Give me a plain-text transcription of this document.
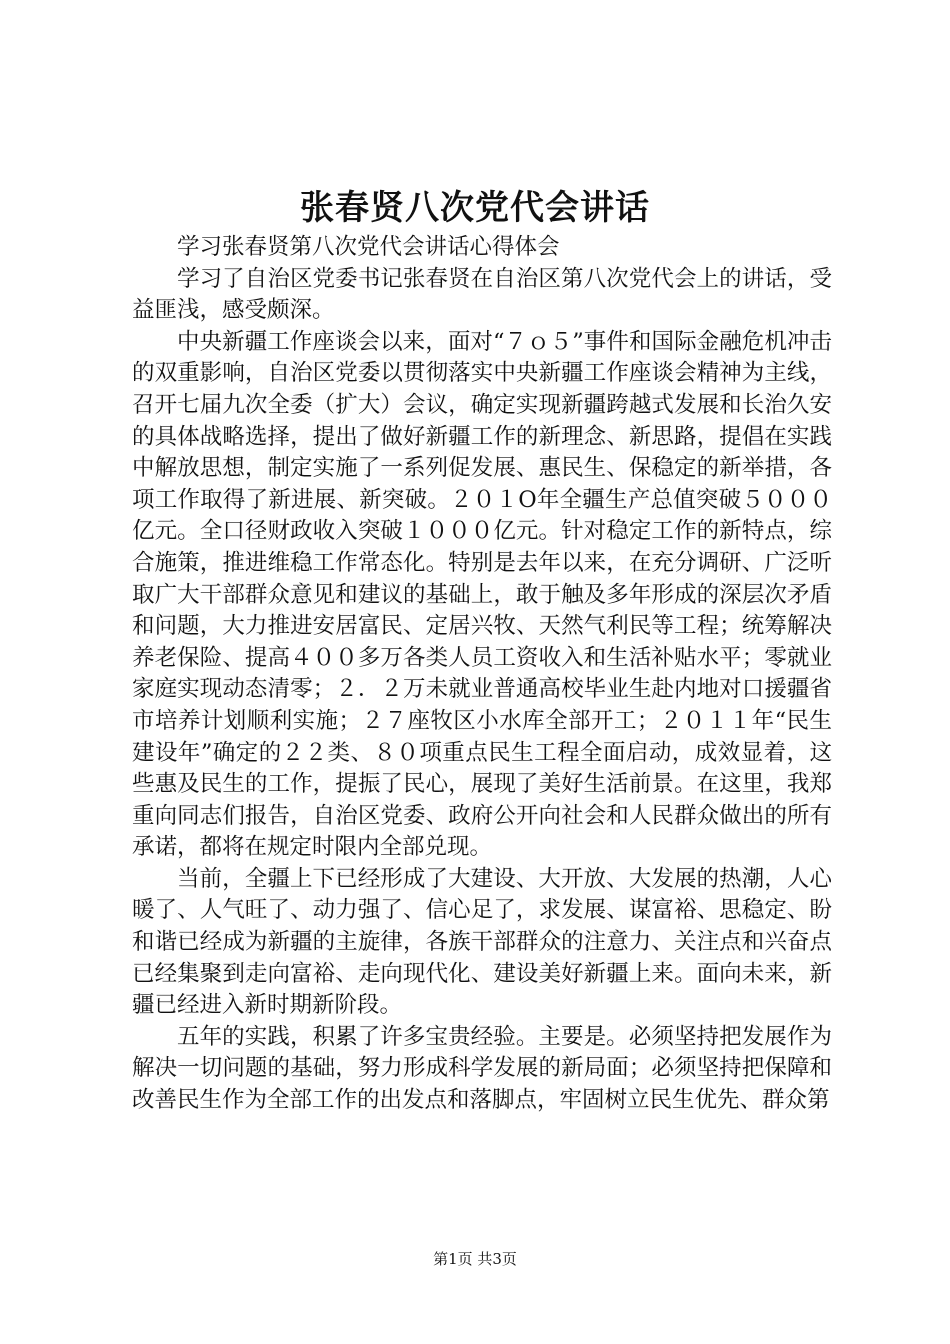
张春贤八次党代会讲话

学习张春贤第八次党代会讲话心得体会

学习了自治区党委书记张春贤在自治区第八次党代会上的讲话，受益匪浅，感受颇深。

中央新疆工作座谈会以来，面对“７ｏ５”事件和国际金融危机冲击的双重影响，自治区党委以贯彻落实中央新疆工作座谈会精神为主线，召开七届九次全委（扩大）会议，确定实现新疆跨越式发展和长治久安的具体战略选择，提出了做好新疆工作的新理念、新思路，提倡在实践中解放思想，制定实施了一系列促发展、惠民生、保稳定的新举措，各项工作取得了新进展、新突破。２０１O年全疆生产总值突破５０００亿元。全口径财政收入突破１０００亿元。针对稳定工作的新特点，综合施策，推进维稳工作常态化。特别是去年以来，在充分调研、广泛听取广大干部群众意见和建议的基础上，敢于触及多年形成的深层次矛盾和问题，大力推进安居富民、定居兴牧、天然气利民等工程；统筹解决养老保险、提高４００多万各类人员工资收入和生活补贴水平；零就业家庭实现动态清零；２．２万未就业普通高校毕业生赴内地对口援疆省市培养计划顺利实施；２７座牧区小水库全部开工；２０１１年“民生建设年”确定的２２类、８０项重点民生工程全面启动，成效显着，这些惠及民生的工作，提振了民心，展现了美好生活前景。在这里，我郑重向同志们报告，自治区党委、政府公开向社会和人民群众做出的所有承诺，都将在规定时限内全部兑现。

当前，全疆上下已经形成了大建设、大开放、大发展的热潮，人心暖了、人气旺了、动力强了、信心足了，求发展、谋富裕、思稳定、盼和谐已经成为新疆的主旋律，各族干部群众的注意力、关注点和兴奋点已经集聚到走向富裕、走向现代化、建设美好新疆上来。面向未来，新疆已经进入新时期新阶段。

五年的实践，积累了许多宝贵经验。主要是。必须坚持把发展作为解决一切问题的基础，努力形成科学发展的新局面；必须坚持把保障和改善民生作为全部工作的出发点和落脚点，牢固树立民生优先、群众第

第1页 共3页
